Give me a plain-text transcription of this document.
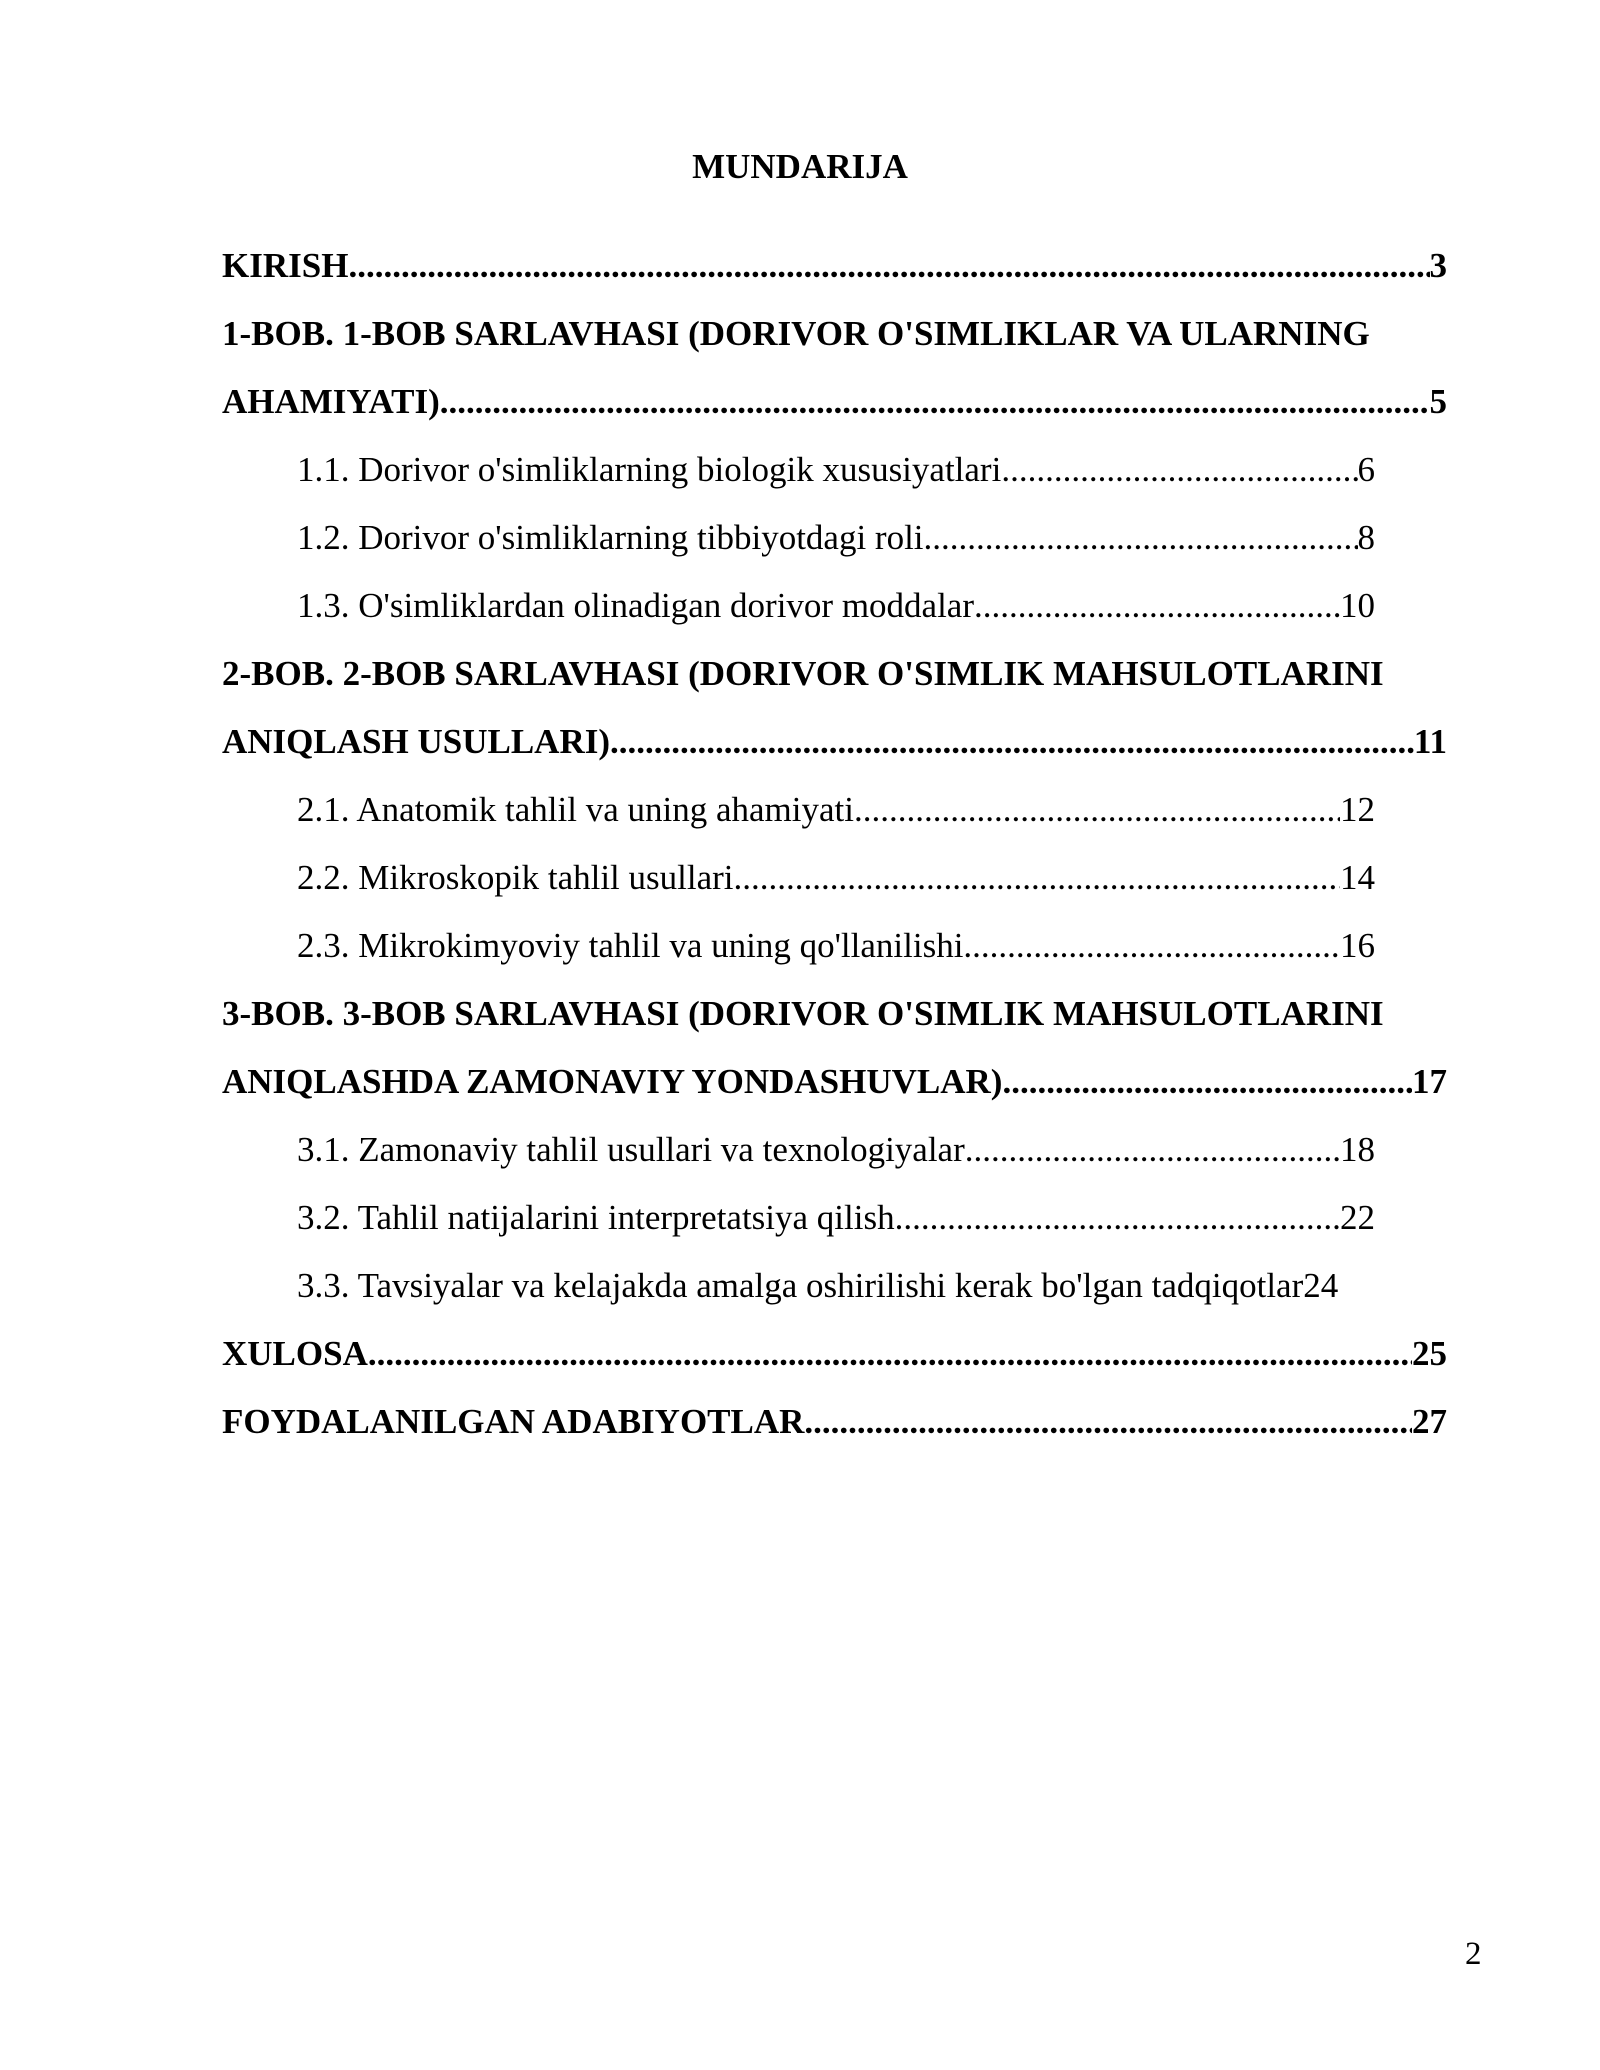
MUNDARIJA
KIRISH .....	3
1-BOB. 1-BOB SARLAVHASI (DORIVOR O'SIMLIKLAR VA ULARNING
AHAMIYATI) .....	5
1.1. Dorivor o'simliklarning biologik xususiyatlari .....	6
1.2. Dorivor o'simliklarning tibbiyotdagi roli .....	8
1.3. O'simliklardan olinadigan dorivor moddalar .....	10
2-BOB. 2-BOB SARLAVHASI (DORIVOR O'SIMLIK MAHSULOTLARINI
ANIQLASH USULLARI) .....	11
2.1. Anatomik tahlil va uning ahamiyati .....	12
2.2. Mikroskopik tahlil usullari .....	14
2.3. Mikrokimyoviy tahlil va uning qo'llanilishi .....	16
3-BOB. 3-BOB SARLAVHASI (DORIVOR O'SIMLIK MAHSULOTLARINI
ANIQLASHDA ZAMONAVIY YONDASHUVLAR) .....	17
3.1. Zamonaviy tahlil usullari va texnologiyalar .....	18
3.2. Tahlil natijalarini interpretatsiya qilish .....	22
3.3. Tavsiyalar va kelajakda amalga oshirilishi kerak bo'lgan tadqiqotlar 24
XULOSA .....	25
FOYDALANILGAN ADABIYOTLAR .....	27
2
